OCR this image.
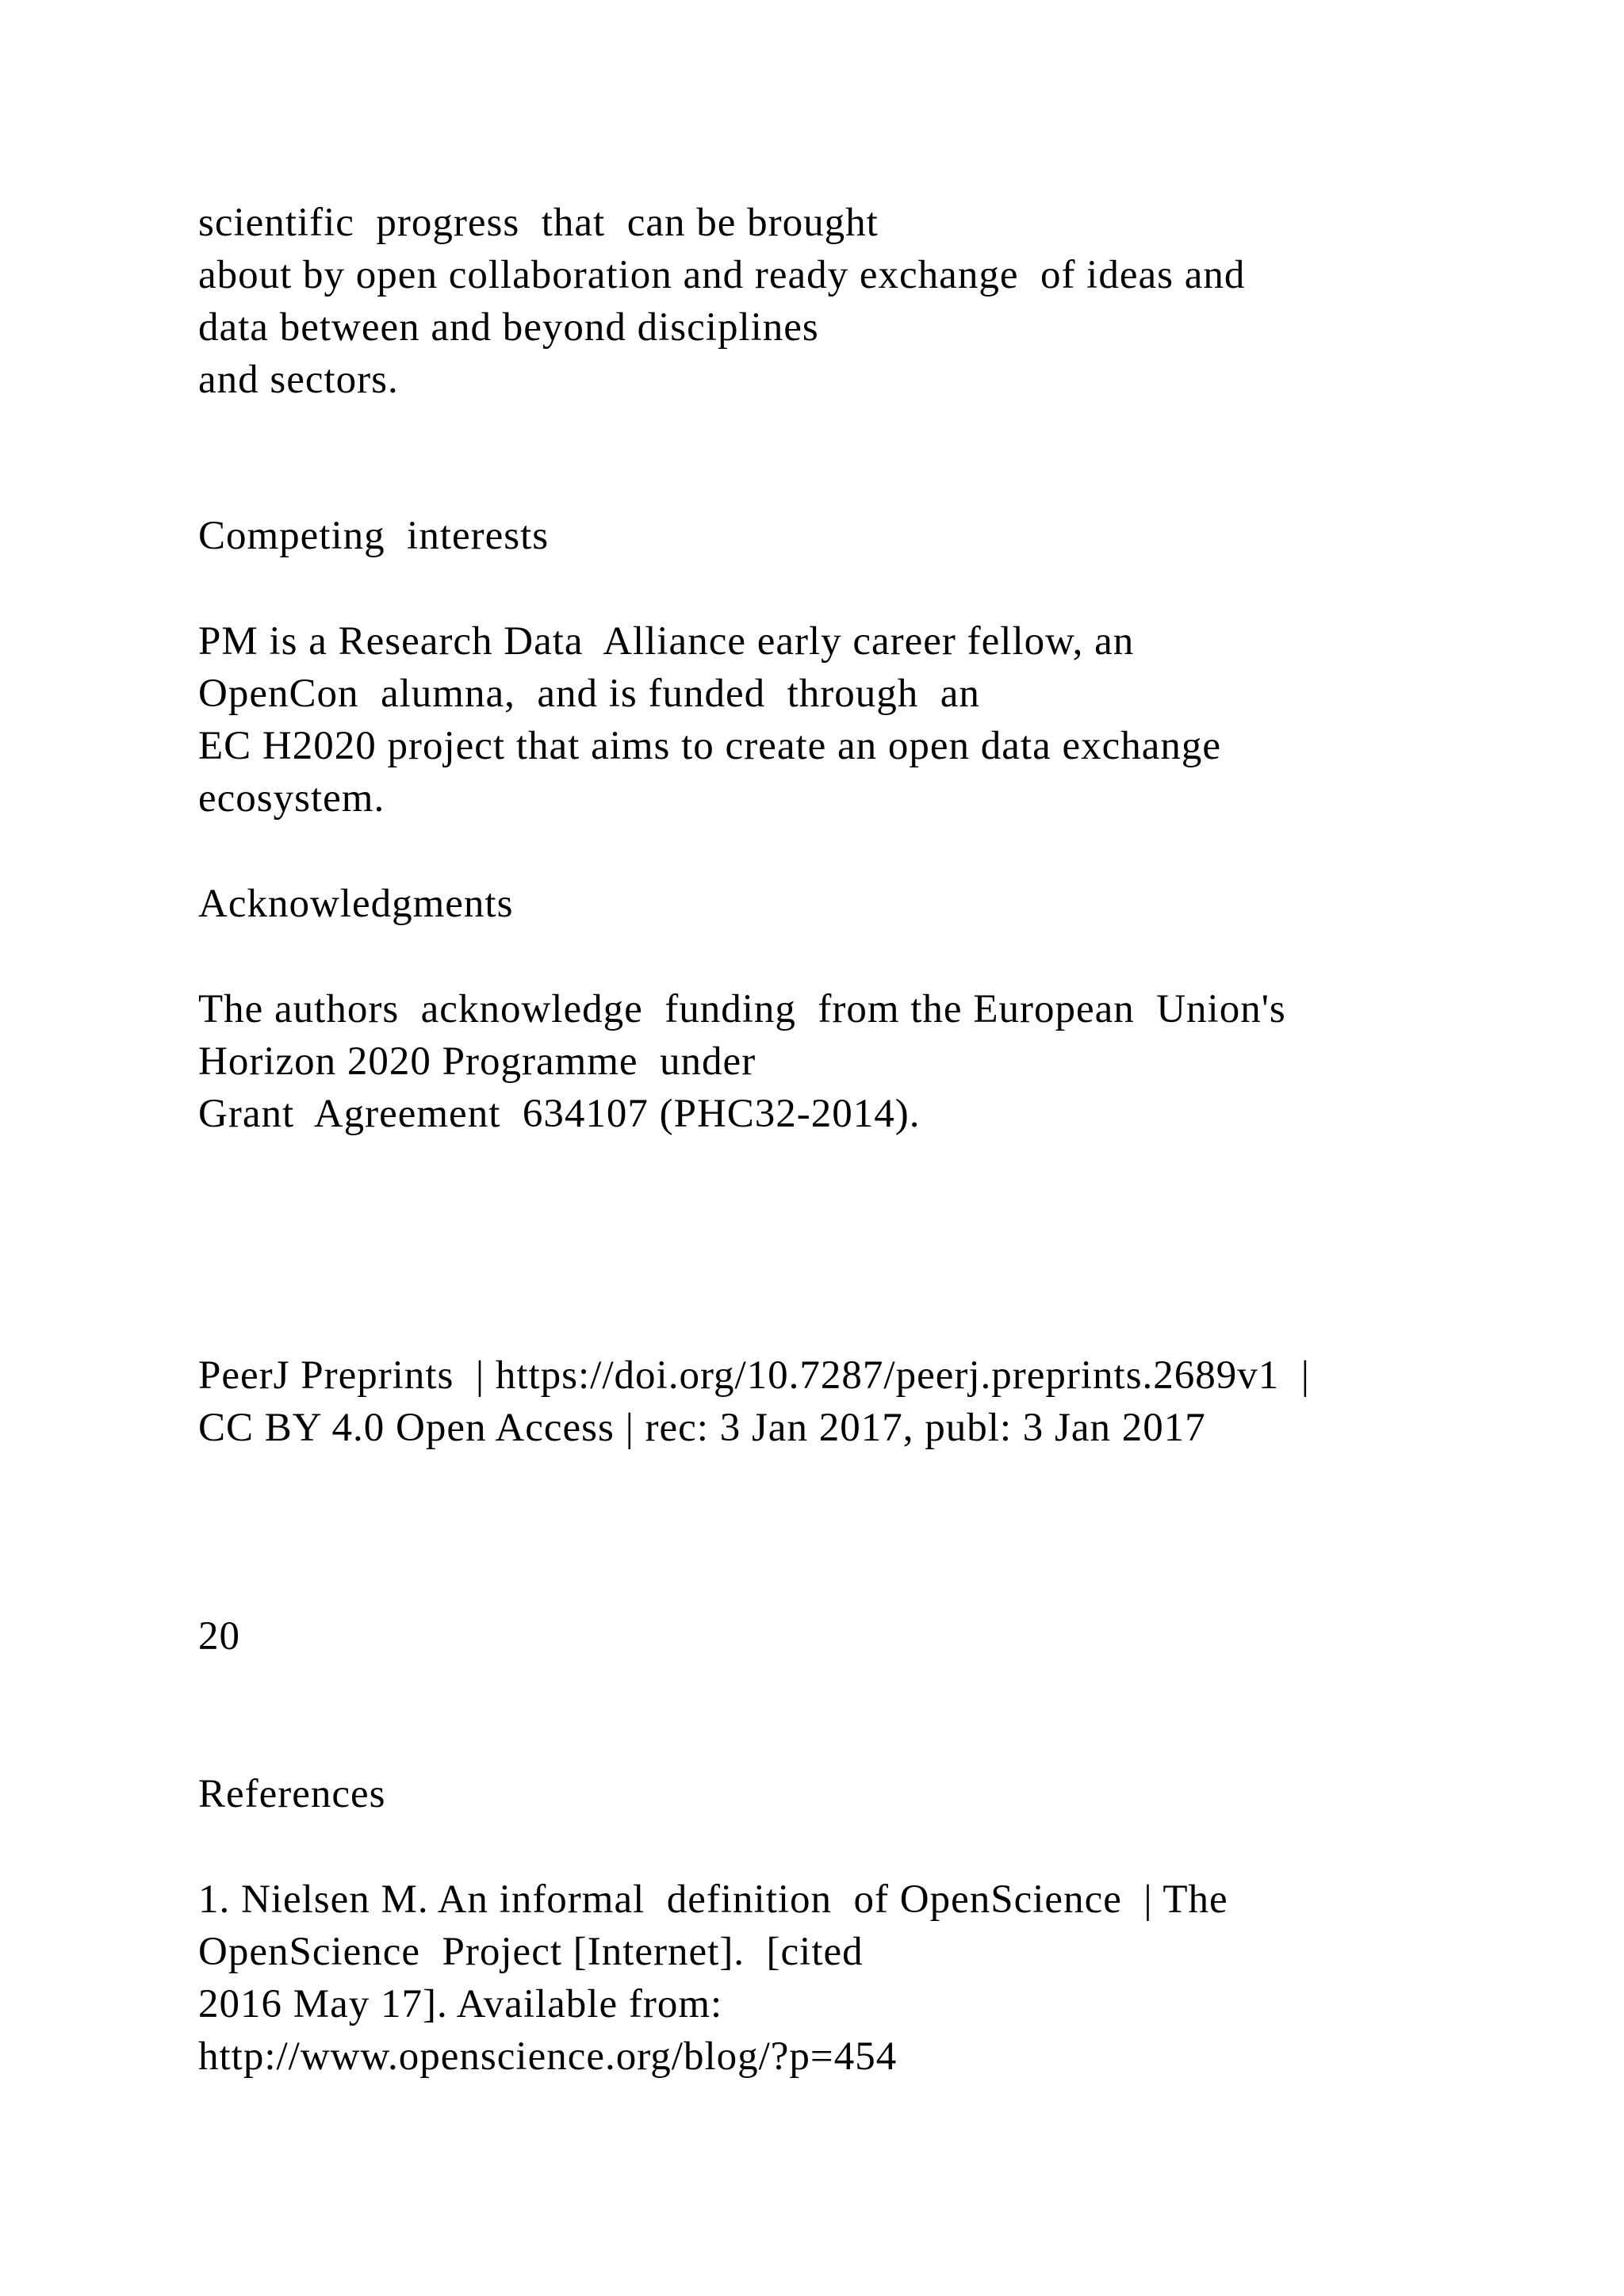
scientific  progress  that  can be brought
about by open collaboration and ready exchange  of ideas and
data between and beyond disciplines
and sectors.
Competing  interests
PM is a Research Data  Alliance early career fellow, an
OpenCon  alumna,  and is funded  through  an
EC H2020 project that aims to create an open data exchange
ecosystem.
Acknowledgments
The authors  acknowledge  funding  from the European  Union's
Horizon 2020 Programme  under
Grant  Agreement  634107 (PHC32-2014).
PeerJ Preprints  | https://doi.org/10.7287/peerj.preprints.2689v1  |
CC BY 4.0 Open Access | rec: 3 Jan 2017, publ: 3 Jan 2017
20
References
1. Nielsen M. An informal  definition  of OpenScience  | The
OpenScience  Project [Internet].  [cited
2016 May 17]. Available from:
http://www.openscience.org/blog/?p=454
